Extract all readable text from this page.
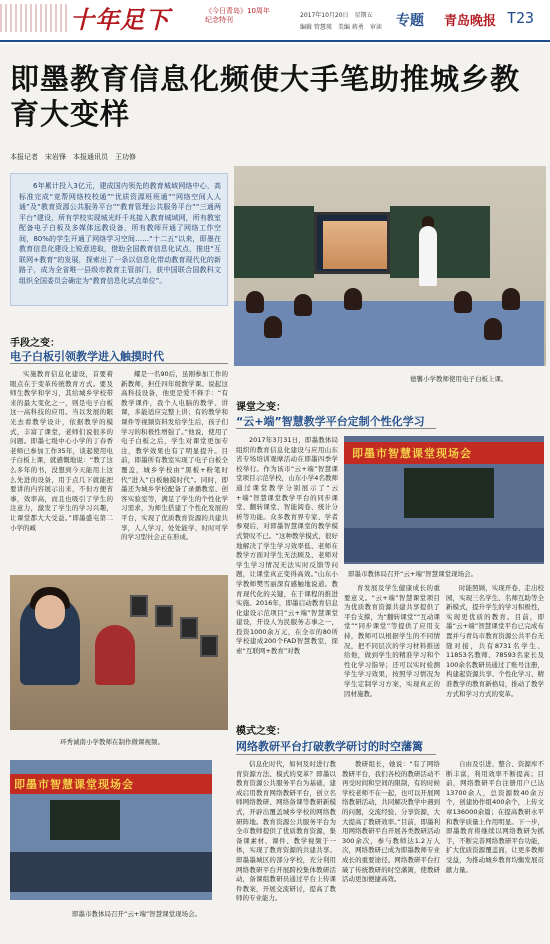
十年足下	《今日青岛》10周年纪念特刊
2017年10月20日　星期五
编辑 管慧瑛　美编 蒋勇　审读 专题 青岛晚报 T23
即墨教育信息化频使大手笔助推城乡教育大变样
本报记者　宋岩锋　本报通讯员　王功修

6年累计投入3亿元，建成国内领先的教育城域网络中心，高标准完成“竞帮网络校校通”“优质资源班班通”“网络空间人人通”及“教育资源公共服务平台”“教育管理公共服务平台”“三通两平台”建设，所有学校实现城光纤千兆接入教育城域网，所有教室配备电子白板及多媒体远教设备，所有教师开通了网络工作空间，80%的学生开通了网络学习空间……“十二五”以来，即墨在教育信息化建设上锐意进取，借助全国教育信息化试点，推进“互联网+教育”的发展，探索出了一条以信息化带动教育现代化的新路子，成为全省唯一县级市教育主管部门，获中国联合国教科文组织全国委员会确定为“教育信息化试点单位”。

德馨小学教师使用电子白板上课。
手段之变：
电子白板引领教学进入触摸时代
实施教育信息化建设，首要着眼点在于变革传统教育方式。要及师生教学和学习，其给城乡学校带来的最大变化之一，则是电子白板这一高科技的应用。当以发展的眼光去看教学设计，依据教学的模式，丰富了课堂，老师们说很多的问题。即墨七级中心小学的丁春香老师已参加工作35年，谈起使用电子白板上课，就感慨地说：“教了这么多年的书，没想到今天能用上这么先进的设备，用于点几下就能把要讲的内容展示出来，不但方便省事，效率高，而且也吸引了学生的注意力，激发了学生的学习兴趣，让课堂都大大受益。”即墨盛屯第二小学的臧
耀是一名90后，虽刚参加工作的新教师，担任四年级数学课。说起这高科技设备，他更是爱不释手：“有教学课件，我个人电脑的教学、讲课，多能适应完整上讲；有的教学和课件等视频资料发给学生后，孩子们学习的积极性增强了。”他说，使用了电子白板之后，学生对课堂更加专注，教学效果也有了明显提升。目前，即墨所有教室实现了电子白板全覆盖，城乡学校由“黑板+粉笔时代”进入“白板触摸时代”。同时，即墨还为城乡学校配备了录播教室、创客实验室等，满足了学生的个性化学习需求，为师生搭建了个性化发展的平台，实现了优质教育资源的共建共享，人人学习、处处能学、时时可学的学习型社会正在形成。
环秀诚南小学教师在制作微课视频。
即墨市智慧课堂现场会
即墨市教体局召开“云+端”智慧课堂现场会。
课堂之变：
“云+端”智慧教学平台定制个性化学习
2017年3月31日，即墨教体局组织的教育信息化建设与应用山东省专场培训观摩活动在即墨四季学校举行。作为该市“云+端”智慧课堂项目示范学校，山东小学4名教师通过课堂教学分别展示了“云+端”智慧课堂教学平台的同步课堂、翻转课堂、智能阅卷、统计分析等功能。众多教育界专家、学者参观后，对即墨智慧课堂的教学模式赞叹不已。“这种教学模式，很好地解决了学生学习效率低、老师在教学方面对学生无法顾及、老师对学生学习情况无法实时反馈等问题，让课堂真正变得高效。”山东小学教师樊雪丽深有感触地说道。教育现代化的关键，在于课程的推进实施。2016年，即墨启动教育信息化建设示范项目“云+端”智慧课堂建设，开设人为民服务志事之一，投资1000余万元，在全市的80所学校建成200个FAD智慧教室，探索“互联网+教育”对教
即墨市智慧课堂现场会
即墨市教体局召开“云+端”智慧课堂现场会。
育发展及学生健康成长的重要意义。“云+端”智慧课堂项目为优质教育资源共建共享提供了平台支撑，为“翻转课堂”“互动课堂”“同步课堂”等提供了应用支持，教师可以根据学生的不同情况，把不同层次的学习材料推送给他，做到学生的精准学习和个性化学习指导；还可以实时检测学生学习效果，按照学习情况为学生定制学习方案，实现真正的因材施教。
时能照顾，实现开卷、走出校园，实现三名学生、名师互助等全新模式，提升学生的学习积极性，实现更优质的教育。目前，即墨“云+端”智慧课堂平台已完成布置并与青岛市教育资源公共平台无缝对接，共有8731名学生、11853名教师、78593名家长及100余名教研员通过了账号注册，构建起资源共享、个性化学习、精准教学的教育新格局，推动了教学方式和学习方式的变革。
模式之变：
网络教研平台打破教学研讨的时空藩篱
信息化时代，如何及时进行教育资源方法、模式的变革？即墨以教育资源公共服务平台为基础，建成启用教育网络教研平台，创立名师网络教研、网络备课等教研新模式，开辟出覆盖城乡学校的网络教研阵地。教育资源公共服务平台为全市教师提供了优质教育资源，集备课素材、课件、教学视频于一体，实现了教育资源的共建共享。即墨墨城区的部分学校，充分利用网络教研平台开展跨校集体教研活动，备课组教研员通过平台上传课件教案，开展交流研讨，提高了教师的专业能力。
教研组长，她说：“有了网络教研平台，我们各校的教研活动不再受时间和空间的限制，有的时候学校老师不在一起，也可以开展网络教研活动，共同解决教学中遇到的问题，交流经验、分享资源，大大提高了教研效率。”目前，即墨利用网络教研平台开展各类教研活动300余次，参与教师达1.2万人次，网络教研已成为即墨教师专业成长的重要途径。网络教研平台打破了传统教研的时空藩篱，使教研活动更加便捷高效。
自由及引进、整合、资源库不断丰富，利用效率不断提高；目前，网络教研平台注册用户已达13700余人，总资源数40余万个，创建协作组400余个，上传文章136000余篇；在提高教研水平和教学质量上作用明显。下一步，即墨教育将继续以网络教研为抓手，不断完善网络教研平台功能，扩大优质资源覆盖面，让更多教师受益，为推动城乡教育均衡发展贡献力量。
